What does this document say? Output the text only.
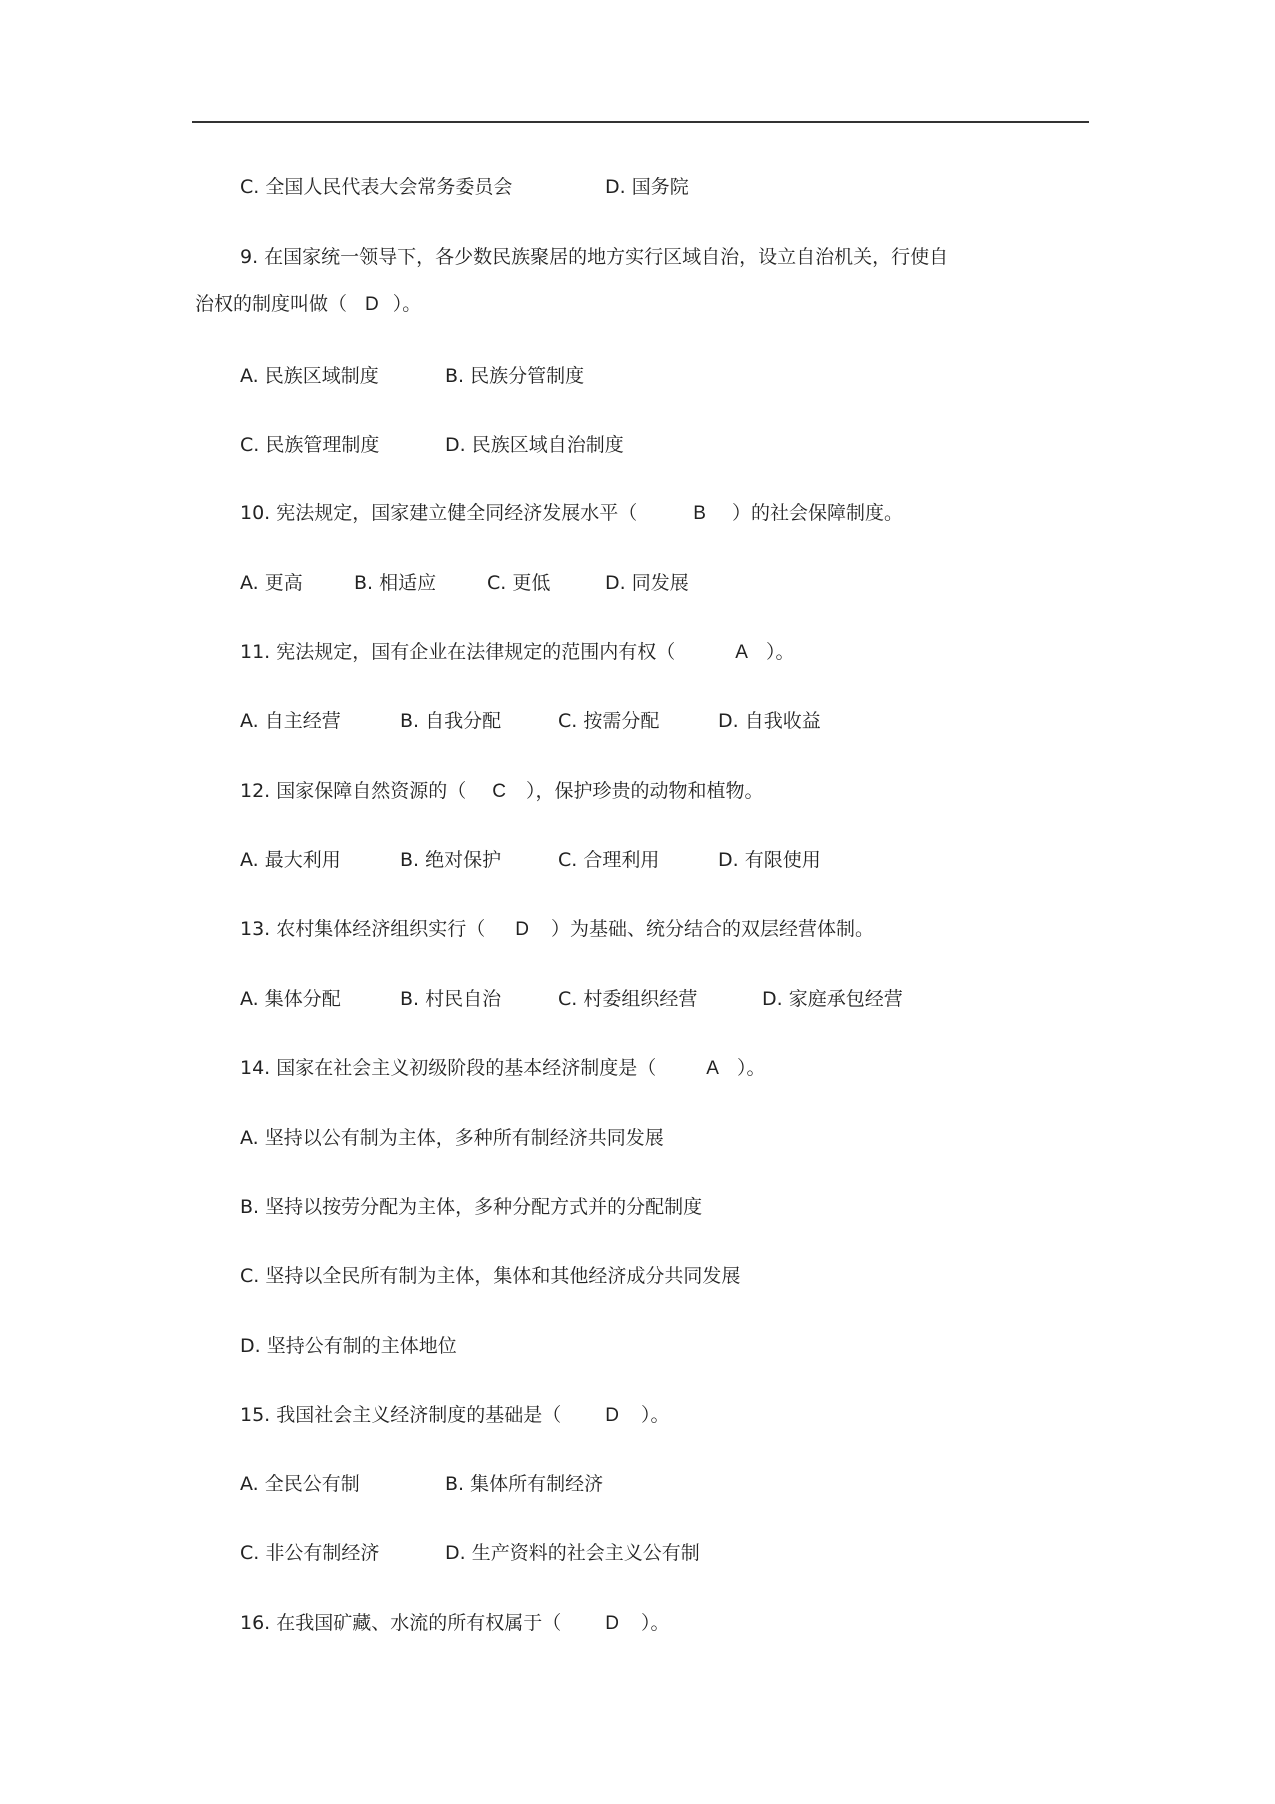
C. 全国人民代表大会常务委员会	D. 国务院
9. 在国家统一领导下，各少数民族聚居的地方实行区域自治，设立自治机关，行使自
治权的制度叫做（ D ）。
A. 民族区域制度	B. 民族分管制度
C. 民族管理制度	D. 民族区域自治制度
10. 宪法规定，国家建立健全同经济发展水平（	B ）的社会保障制度。
A. 更高	B. 相适应	C. 更低	D. 同发展
11. 宪法规定，国有企业在法律规定的范围内有权（	A ）。
A. 自主经营	B. 自我分配	C. 按需分配	D. 自我收益
12. 国家保障自然资源的（ C ），保护珍贵的动物和植物。
A. 最大利用	B. 绝对保护	C. 合理利用	D. 有限使用
13. 农村集体经济组织实行（ D ）为基础、统分结合的双层经营体制。
A. 集体分配	B. 村民自治	C. 村委组织经营	D. 家庭承包经营
14. 国家在社会主义初级阶段的基本经济制度是（	A ）。
A. 坚持以公有制为主体，多种所有制经济共同发展
B. 坚持以按劳分配为主体，多种分配方式并的分配制度
C. 坚持以全民所有制为主体，集体和其他经济成分共同发展
D. 坚持公有制的主体地位
15. 我国社会主义经济制度的基础是（ D ）。
A. 全民公有制	B. 集体所有制经济
C. 非公有制经济	D. 生产资料的社会主义公有制
16. 在我国矿藏、水流的所有权属于（ D ）。
